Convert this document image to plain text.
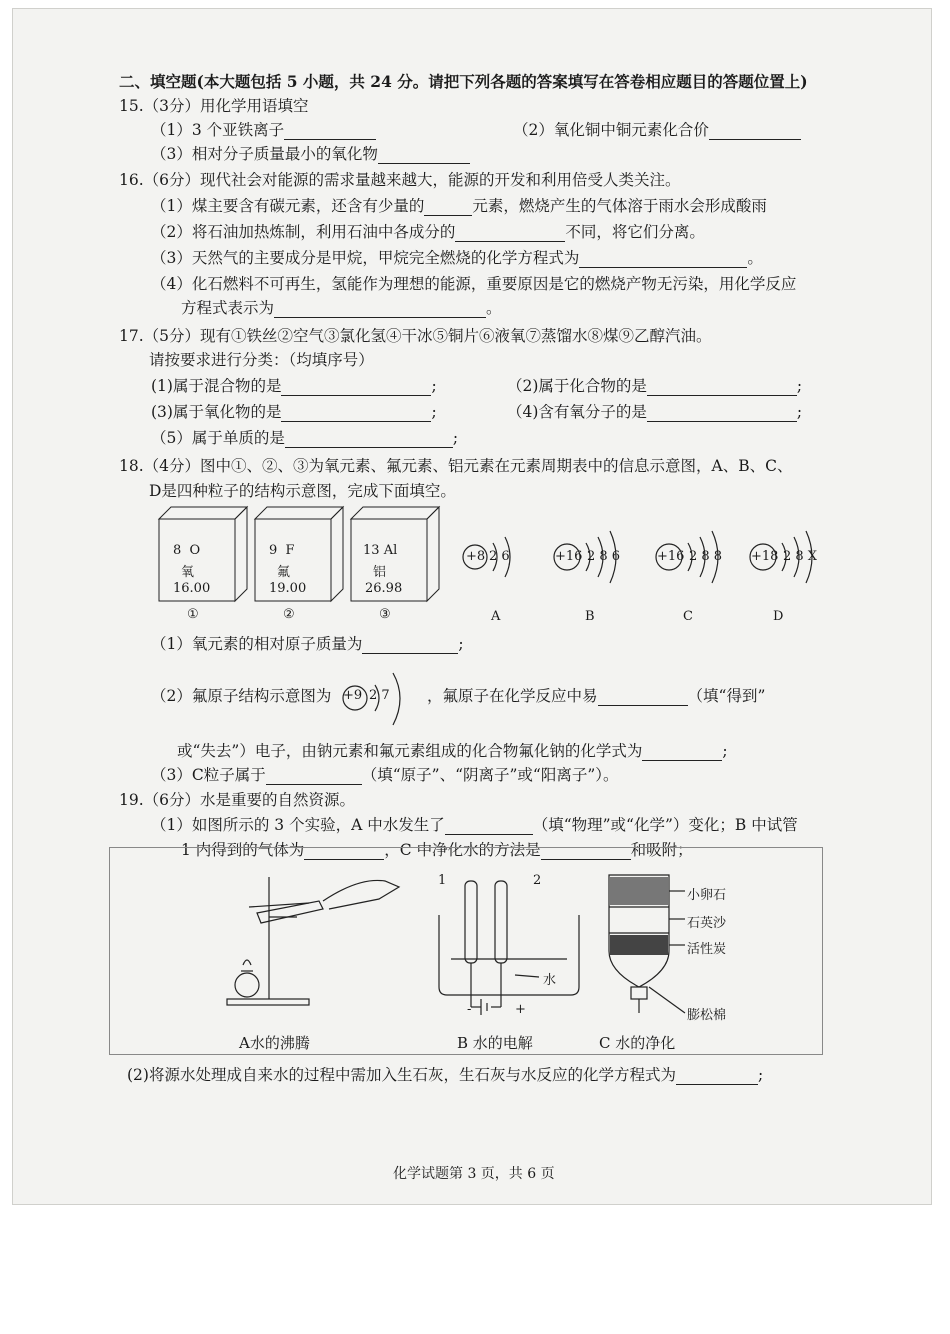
二、填空题(本大题包括 5 小题，共 24 分。请把下列各题的答案填写在答卷相应题目的答题位置上)
15.（3分）用化学用语填空
（1）3 个亚铁离子	（2）氧化铜中铜元素化合价
（3）相对分子质量最小的氧化物
16.（6分）现代社会对能源的需求量越来越大，能源的开发和利用倍受人类关注。
（1）煤主要含有碳元素，还含有少量的	元素，燃烧产生的气体溶于雨水会形成酸雨
（2）将石油加热炼制，利用石油中各成分的	不同，将它们分离。
（3）天然气的主要成分是甲烷，甲烷完全燃烧的化学方程式为	。
（4）化石燃料不可再生，氢能作为理想的能源，重要原因是它的燃烧产物无污染，用化学反应
方程式表示为	。
17.（5分）现有①铁丝②空气③氯化氢④干冰⑤铜片⑥液氧⑦蒸馏水⑧煤⑨乙醇汽油。
请按要求进行分类：（均填序号）
(1)属于混合物的是	;	（2)属于化合物的是	;
(3)属于氧化物的是	;	（4)含有氧分子的是	;
（5）属于单质的是	;
18.（4分）图中①、②、③为氧元素、氟元素、铝元素在元素周期表中的信息示意图，A、B、C、
D是四种粒子的结构示意图，完成下面填空。
8 O
氧
16.00
①
9 F
氟
19.00
②
13 Al
铝
26.98
③
+8 2 6
A
+16 2 8 6
B
+16 2 8 8
C
+18 2 8 X
D
（1）氧元素的相对原子质量为	;
（2）氟原子结构示意图为 +9 2 7 ，氟原子在化学反应中易	（填“得到”
或“失去”）电子，由钠元素和氟元素组成的化合物氟化钠的化学式为	;
（3）C粒子属于	（填“原子”、“阴离子”或“阳离子”）。
19.（6分）水是重要的自然资源。
（1）如图所示的 3 个实验，A 中水发生了	（填“物理”或“化学”）变化；B 中试管
1 内得到的气体为	，C 中净化水的方法是	和吸附；
A水的沸腾	B 水的电解	C 水的净化
1	2
水
-	+
小卵石
石英沙
活性炭
膨松棉
(2)将源水处理成自来水的过程中需加入生石灰，生石灰与水反应的化学方程式为	;
化学试题第 3 页，共 6 页
